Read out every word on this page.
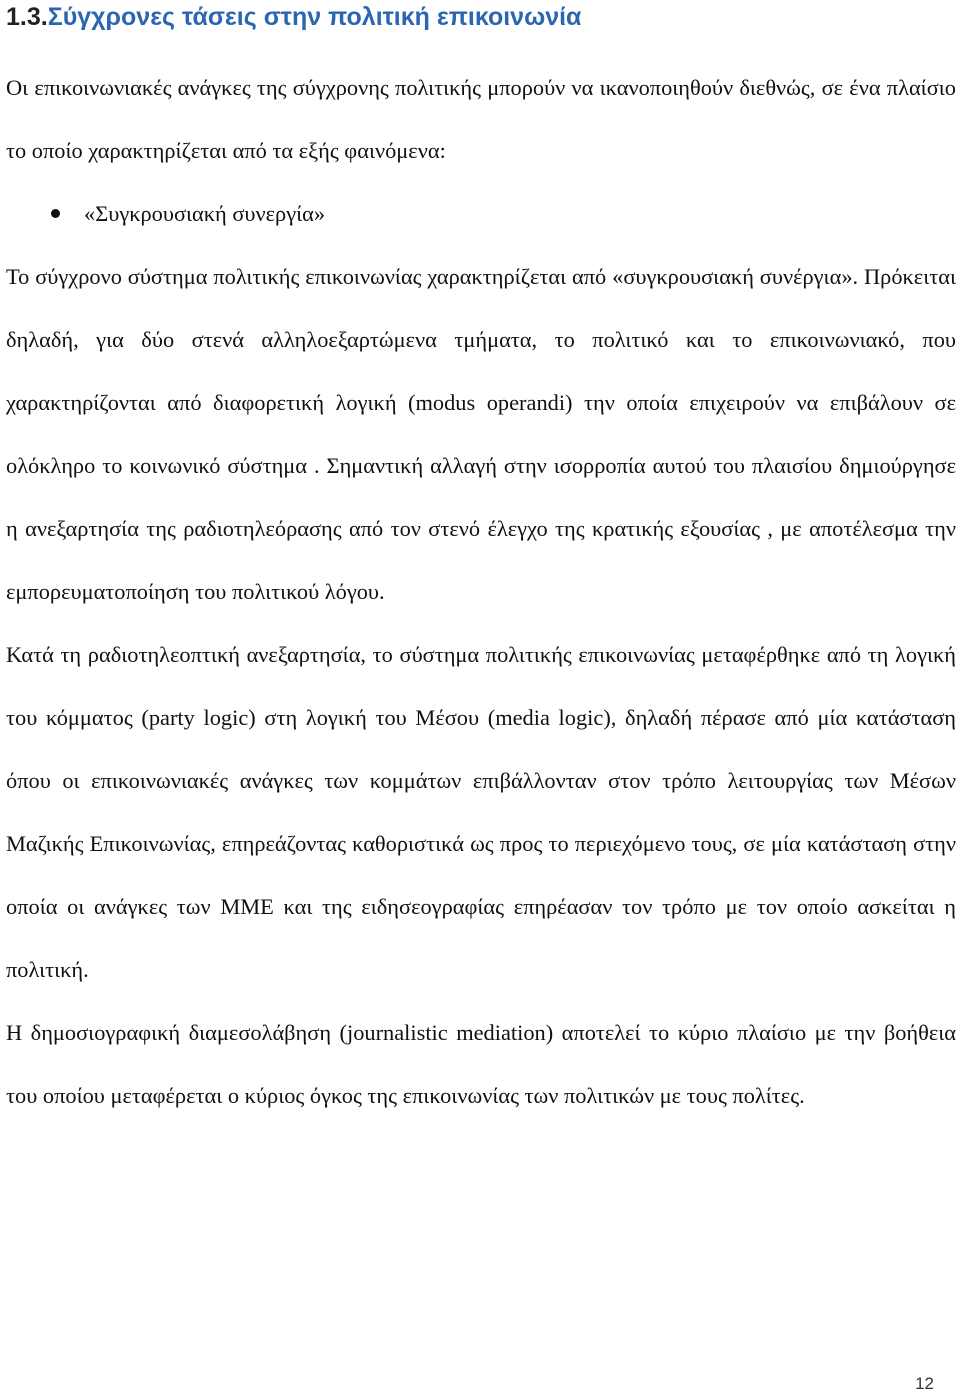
1.3.Σύγχρονες τάσεις στην πολιτική επικοινωνία

Οι επικοινωνιακές ανάγκες της σύγχρονης πολιτικής μπορούν να ικανοποιηθούν διεθνώς, σε ένα πλαίσιο το οποίο χαρακτηρίζεται από τα εξής φαινόμενα:

«Συγκρουσιακή συνεργία»

Το σύγχρονο σύστημα πολιτικής επικοινωνίας χαρακτηρίζεται από «συγκρουσιακή συνέργια». Πρόκειται δηλαδή, για δύο στενά αλληλοεξαρτώμενα τμήματα, το πολιτικό και το επικοινωνιακό, που χαρακτηρίζονται από διαφορετική λογική (modus operandi) την οποία επιχειρούν να επιβάλουν σε ολόκληρο το κοινωνικό σύστημα . Σημαντική αλλαγή στην ισορροπία αυτού του πλαισίου δημιούργησε η ανεξαρτησία της ραδιοτηλεόρασης από τον στενό έλεγχο της κρατικής εξουσίας , με αποτέλεσμα την εμπορευματοποίηση του πολιτικού λόγου.

Κατά τη ραδιοτηλεοπτική ανεξαρτησία, το σύστημα πολιτικής επικοινωνίας μεταφέρθηκε από τη λογική του κόμματος (party logic) στη λογική του Μέσου (media logic), δηλαδή πέρασε από μία κατάσταση όπου οι επικοινωνιακές ανάγκες των κομμάτων επιβάλλονταν στον τρόπο λειτουργίας των Μέσων Μαζικής Επικοινωνίας, επηρεάζοντας καθοριστικά ως προς το περιεχόμενο τους, σε μία κατάσταση στην οποία οι ανάγκες των ΜΜΕ και της ειδησεογραφίας επηρέασαν τον τρόπο με τον οποίο ασκείται η πολιτική.

Η δημοσιογραφική διαμεσολάβηση (journalistic mediation) αποτελεί το κύριο πλαίσιο με την βοήθεια του οποίου μεταφέρεται ο κύριος όγκος της επικοινωνίας των πολιτικών με τους πολίτες.

12
